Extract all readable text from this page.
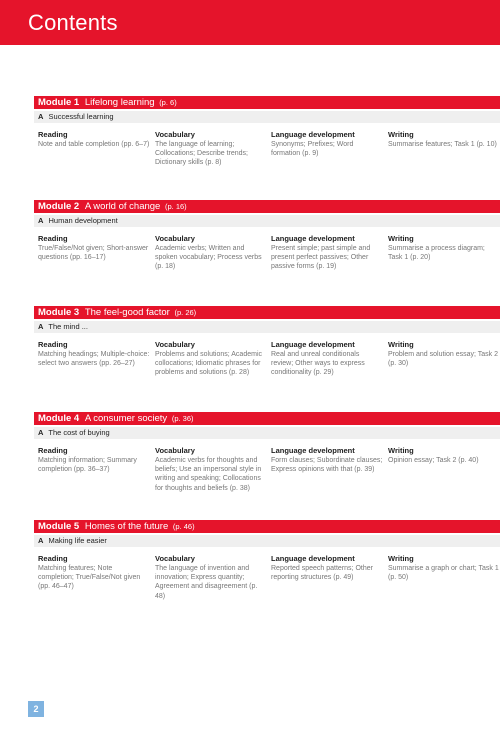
Contents
Module 1 Lifelong learning (p. 6)
A Successful learning
Reading
Note and table completion (pp. 6–7)
Vocabulary
The language of learning; Collocations; Describe trends; Dictionary skills (p. 8)
Language development
Synonyms; Prefixes; Word formation (p. 9)
Writing
Summarise features; Task 1 (p. 10)
Module 2 A world of change (p. 16)
A Human development
Reading
True/False/Not given; Short-answer questions (pp. 16–17)
Vocabulary
Academic verbs; Written and spoken vocabulary; Process verbs (p. 18)
Language development
Present simple; past simple and present perfect passives; Other passive forms (p. 19)
Writing
Summarise a process diagram; Task 1 (p. 20)
Module 3 The feel-good factor (p. 26)
A The mind ...
Reading
Matching headings; Multiple-choice: select two answers (pp. 26–27)
Vocabulary
Problems and solutions; Academic collocations; Idiomatic phrases for problems and solutions (p. 28)
Language development
Real and unreal conditionals review; Other ways to express conditionality (p. 29)
Writing
Problem and solution essay; Task 2 (p. 30)
Module 4 A consumer society (p. 36)
A The cost of buying
Reading
Matching information; Summary completion (pp. 36–37)
Vocabulary
Academic verbs for thoughts and beliefs; Use an impersonal style in writing and speaking; Collocations for thoughts and beliefs (p. 38)
Language development
Form clauses; Subordinate clauses; Express opinions with that (p. 39)
Writing
Opinion essay; Task 2 (p. 40)
Module 5 Homes of the future (p. 46)
A Making life easier
Reading
Matching features; Note completion; True/False/Not given (pp. 46–47)
Vocabulary
The language of invention and innovation; Express quantity; Agreement and disagreement (p. 48)
Language development
Reported speech patterns; Other reporting structures (p. 49)
Writing
Summarise a graph or chart; Task 1 (p. 50)
2
